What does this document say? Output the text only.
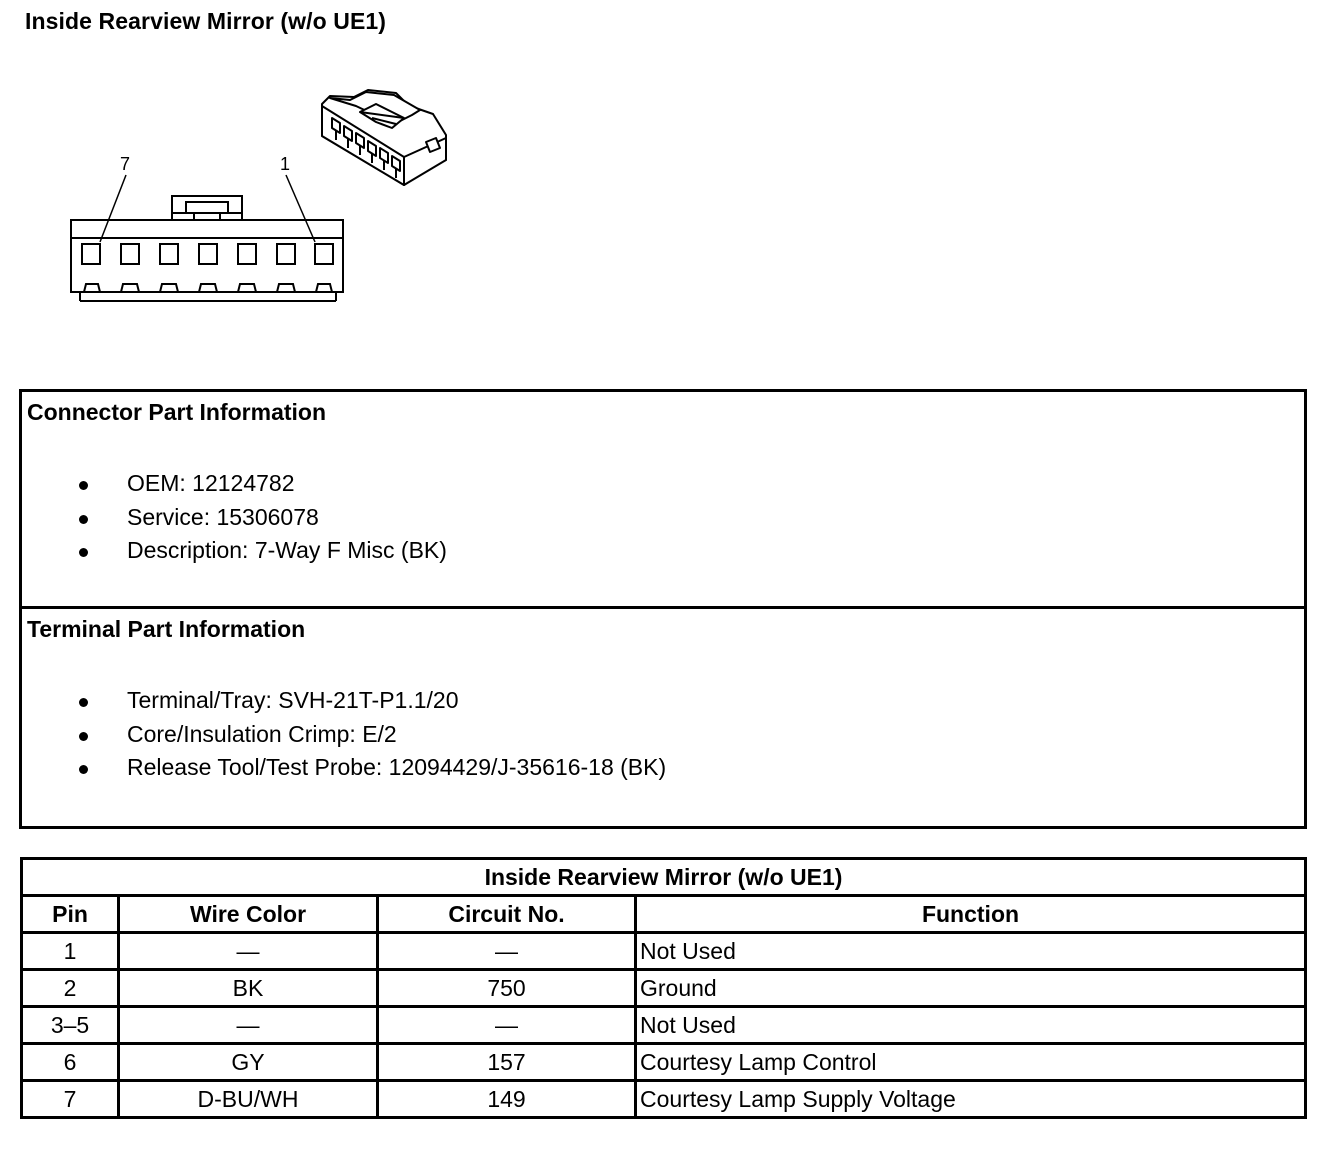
Inside Rearview Mirror (w/o UE1)
7	1
Connector Part Information
OEM: 12124782
Service: 15306078
Description: 7-Way F Misc (BK)
Terminal Part Information
Terminal/Tray: SVH-21T-P1.1/20
Core/Insulation Crimp: E/2
Release Tool/Test Probe: 12094429/J-35616-18 (BK)
Inside Rearview Mirror (w/o UE1)			
Pin	Wire Color	Circuit No.	Function
1	—	—	Not Used
2	BK	750	Ground
3–5	—	—	Not Used
6	GY	157	Courtesy Lamp Control
7	D-BU/WH	149	Courtesy Lamp Supply Voltage
